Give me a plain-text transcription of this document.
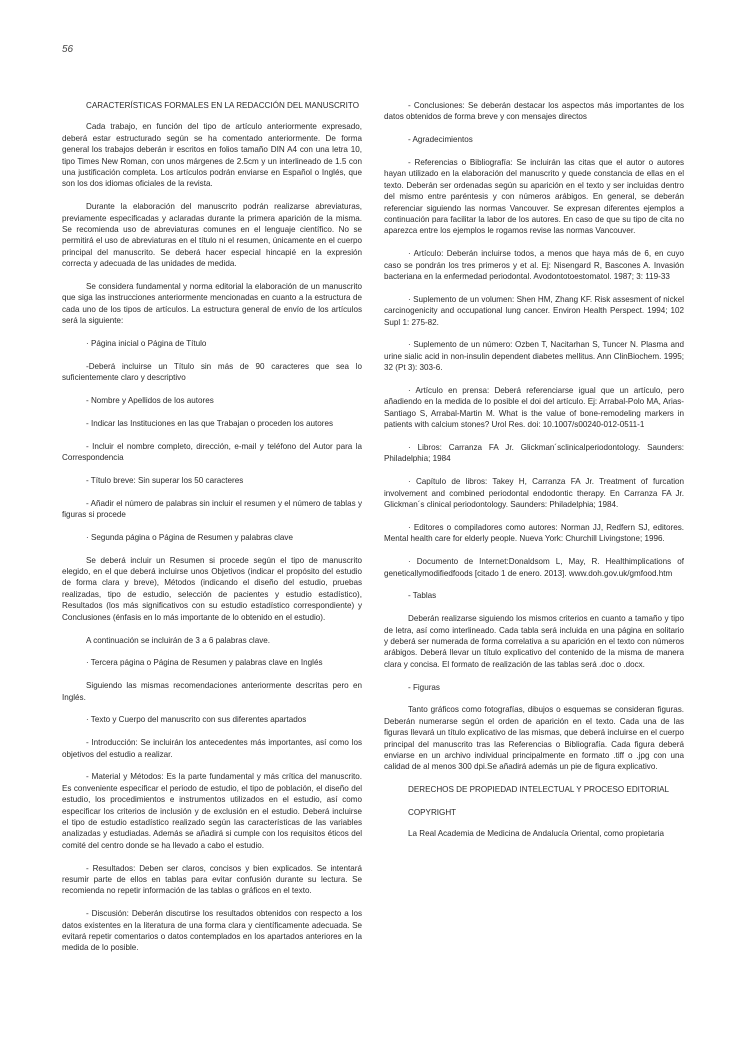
56

CARACTERÍSTICAS FORMALES EN LA REDACCIÓN DEL MANUSCRITO

Cada trabajo, en función del tipo de artículo anteriormente expresado, deberá estar estructurado según se ha comentado anteriormente. De forma general los trabajos deberán ir escritos en folios tamaño DIN A4 con una letra 10, tipo Times New Roman, con unos márgenes de 2.5cm y un interlineado de 1.5 con una justificación completa. Los artículos podrán enviarse en Español o Inglés, que son los dos idiomas oficiales de la revista.

Durante la elaboración del manuscrito podrán realizarse abreviaturas, previamente especificadas y aclaradas durante la primera aparición de la misma. Se recomienda uso de abreviaturas comunes en el lenguaje científico. No se permitirá el uso de abreviaturas en el título ni el resumen, únicamente en el cuerpo principal del manuscrito. Se deberá hacer especial hincapié en la expresión correcta y adecuada de las unidades de medida.

Se considera fundamental y norma editorial la elaboración de un manuscrito que siga las instrucciones anteriormente mencionadas en cuanto a la estructura de cada uno de los tipos de artículos. La estructura general de envío de los artículos será la siguiente:

· Página inicial o Página de Título

-Deberá incluirse un Título sin más de 90 caracteres que sea lo suficientemente claro y descriptivo

- Nombre y Apellidos de los autores

- Indicar las Instituciones en las que Trabajan o proceden los autores

- Incluir el nombre completo, dirección, e-mail y teléfono del Autor para la Correspondencia

- Título breve: Sin superar los 50 caracteres

- Añadir el número de palabras sin incluir el resumen y el número de tablas y figuras si procede

· Segunda página o Página de Resumen y palabras clave

Se deberá incluir un Resumen si procede según el tipo de manuscrito elegido, en el que deberá incluirse unos Objetivos (indicar el propósito del estudio de forma clara y breve), Métodos (indicando el diseño del estudio, pruebas realizadas, tipo de estudio, selección de pacientes y estudio estadístico), Resultados (los más significativos con su estudio estadístico correspondiente) y Conclusiones (énfasis en lo más importante de lo obtenido en el estudio).

A continuación se incluirán de 3 a 6 palabras clave.

· Tercera página o Página de Resumen y palabras clave en Inglés

Siguiendo las mismas recomendaciones anteriormente descritas pero en Inglés.

· Texto y Cuerpo del manuscrito con sus diferentes apartados

- Introducción: Se incluirán los antecedentes más importantes, así como los objetivos del estudio a realizar.

- Material y Métodos: Es la parte fundamental y más crítica del manuscrito. Es conveniente especificar el periodo de estudio, el tipo de población, el diseño del estudio, los procedimientos e instrumentos utilizados en el estudio, así como especificar los criterios de inclusión y de exclusión en el estudio. Deberá incluirse el tipo de estudio estadístico realizado según las características de las variables analizadas y estudiadas. Además se añadirá si cumple con los requisitos éticos del comité del centro donde se ha llevado a cabo el estudio.

- Resultados: Deben ser claros, concisos y bien explicados. Se intentará resumir parte de ellos en tablas para evitar confusión durante su lectura. Se recomienda no repetir información de las tablas o gráficos en el texto.

- Discusión: Deberán discutirse los resultados obtenidos con respecto a los datos existentes en la literatura de una forma clara y científicamente adecuada. Se evitará repetir comentarios o datos contemplados en los apartados anteriores en la medida de lo posible.

- Conclusiones: Se deberán destacar los aspectos más importantes de los datos obtenidos de forma breve y con mensajes directos

- Agradecimientos

- Referencias o Bibliografía: Se incluirán las citas que el autor o autores hayan utilizado en la elaboración del manuscrito y quede constancia de ellas en el texto. Deberán ser ordenadas según su aparición en el texto y ser incluidas dentro del mismo entre paréntesis y con números arábigos. En general, se deberán referenciar siguiendo las normas Vancouver. Se expresan diferentes ejemplos a continuación para facilitar la labor de los autores. En caso de que su tipo de cita no aparezca entre los ejemplos le rogamos revise las normas Vancouver.

· Artículo: Deberán incluirse todos, a menos que haya más de 6, en cuyo caso se pondrán los tres primeros y et al. Ej: Nisengard R, Bascones A. Invasión bacteriana en la enfermedad periodontal. Avodontotoestomatol. 1987; 3: 119-33

· Suplemento de un volumen: Shen HM, Zhang KF. Risk assesment of nickel carcinogenicity and occupational lung cancer. Environ Health Perspect. 1994; 102 Supl 1: 275-82.

· Suplemento de un número: Ozben T, Nacitarhan S, Tuncer N. Plasma and urine sialic acid in non-insulin dependent diabetes mellitus. Ann ClinBiochem. 1995; 32 (Pt 3): 303-6.

· Artículo en prensa: Deberá referenciarse igual que un artículo, pero añadiendo en la medida de lo posible el doi del artículo. Ej: Arrabal-Polo MA, Arias-Santiago S, Arrabal-Martin M. What is the value of bone-remodeling markers in patients with calcium stones? Urol Res. doi: 10.1007/s00240-012-0511-1

· Libros: Carranza FA Jr. Glickman´sclinicalperiodontology. Saunders: Philadelphia; 1984

· Capítulo de libros: Takey H, Carranza FA Jr. Treatment of furcation involvement and combined periodontal endodontic therapy. En Carranza FA Jr. Glickman´s clinical periodontology. Saunders: Philadelphia; 1984.

· Editores o compiladores como autores: Norman JJ, Redfern SJ, editores. Mental health care for elderly people. Nueva York: Churchill Livingstone; 1996.

· Documento de Internet:Donaldsom L, May, R. Healthimplications of geneticallymodifiedfoods [citado 1 de enero. 2013]. www.doh.gov.uk/gmfood.htm

- Tablas

Deberán realizarse siguiendo los mismos criterios en cuanto a tamaño y tipo de letra, así como interlineado. Cada tabla será incluida en una página en solitario y deberá ser numerada de forma correlativa a su aparición en el texto con números arábigos. Deberá llevar un título explicativo del contenido de la misma de manera clara y concisa. El formato de realización de las tablas será .doc o .docx.

- Figuras

Tanto gráficos como fotografías, dibujos o esquemas se consideran figuras. Deberán numerarse según el orden de aparición en el texto. Cada una de las figuras llevará un título explicativo de las mismas, que deberá incluirse en el cuerpo principal del manuscrito tras las Referencias o Bibliografía. Cada figura deberá enviarse en un archivo individual principalmente en formato .tiff o .jpg con una calidad de al menos 300 dpi.Se añadirá además un pie de figura explicativo.

DERECHOS DE PROPIEDAD INTELECTUAL Y PROCESO EDITORIAL

COPYRIGHT

La Real Academia de Medicina de Andalucía Oriental, como propietaria
